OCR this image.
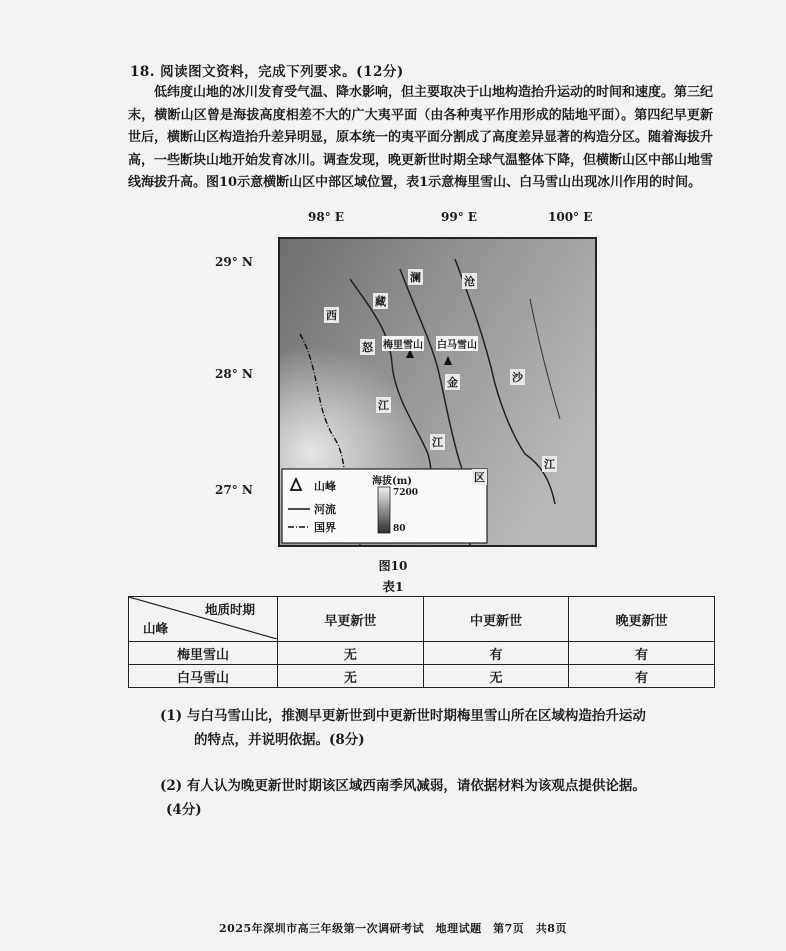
18. 阅读图文资料，完成下列要求。(12分)
低纬度山地的冰川发育受气温、降水影响，但主要取决于山地构造抬升运动的时间和速度。第三纪末，横断山区曾是海拔高度相差不大的广大夷平面（由各种夷平作用形成的陆地平面）。第四纪早更新世后，横断山区构造抬升差异明显，原本统一的夷平面分割成了高度差异显著的构造分区。随着海拔升高，一些断块山地开始发育冰川。调查发现，晚更新世时期全球气温整体下降，但横断山区中部山地雪线海拔升高。图10示意横断山区中部区域位置，表1示意梅里雪山、白马雪山出现冰川作用的时间。
98° E	99° E	100° E
29° N
28° N
27° N
西
藏
澜	沧
怒
江
金
江
区
沙
江
梅里雪山 白马雪山
山峰
河流
国界
海拔(m)
7200
80
图10
表1
地质时期
山峰	早更新世	中更新世	晚更新世
梅里雪山	无	有	有
白马雪山	无	无	有
(1) 与白马雪山比，推测早更新世到中更新世时期梅里雪山所在区域构造抬升运动
的特点，并说明依据。(8分)
(2) 有人认为晚更新世时期该区域西南季风减弱，请依据材料为该观点提供论据。
(4分)
2025年深圳市高三年级第一次调研考试　地理试题　第7页　共8页
